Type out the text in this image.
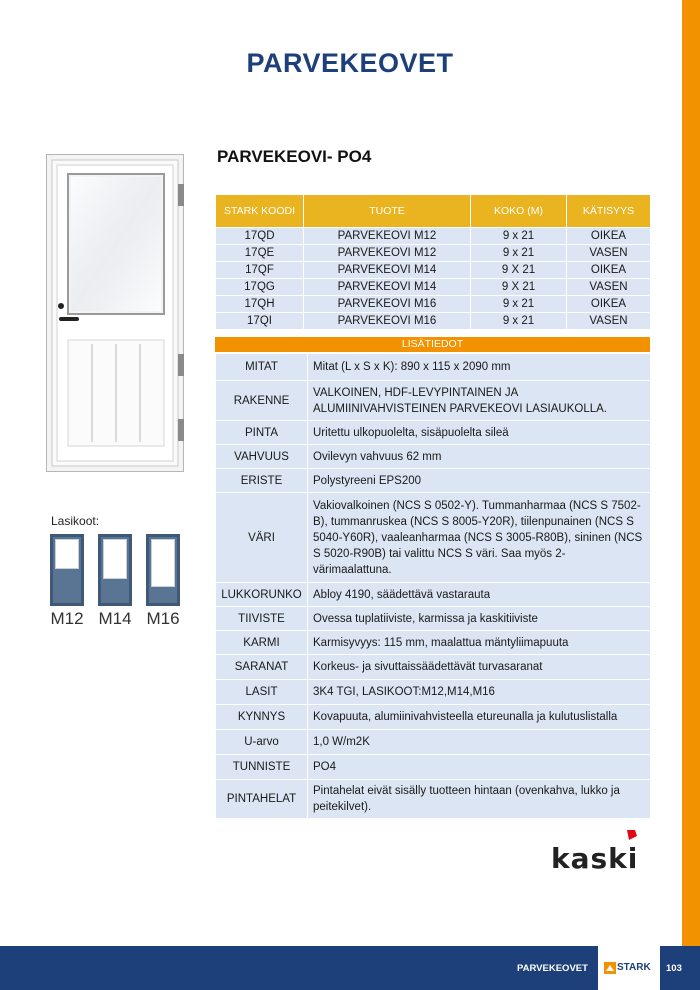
PARVEKEOVET
Lasikoot:
M12 M14 M16
PARVEKEOVI- PO4
STARK KOODI	TUOTE	KOKO (M)	KÄTISYYS
17QD	PARVEKEOVI M12	9 x 21	OIKEA
17QE	PARVEKEOVI M12	9 x 21	VASEN
17QF	PARVEKEOVI M14	9 X 21	OIKEA
17QG	PARVEKEOVI M14	9 X 21	VASEN
17QH	PARVEKEOVI M16	9 x 21	OIKEA
17QI	PARVEKEOVI M16	9 x 21	VASEN
LISÄTIEDOT
MITAT	Mitat (L x S x K): 890 x 115 x 2090 mm
RAKENNE	VALKOINEN, HDF-LEVYPINTAINEN JA ALUMIINIVAHVISTEINEN PARVEKEOVI LASIAUKOLLA.
PINTA	Uritettu ulkopuolelta, sisäpuolelta sileä
VAHVUUS	Ovilevyn vahvuus 62 mm
ERISTE	Polystyreeni EPS200
VÄRI	Vakiovalkoinen (NCS S 0502-Y). Tummanharmaa (NCS S 7502-B), tummanruskea (NCS S 8005-Y20R), tiilenpunainen (NCS S 5040-Y60R), vaaleanharmaa (NCS S 3005-R80B), sininen (NCS S 5020-R90B) tai valittu NCS S väri. Saa myös 2-värimaalattuna.
LUKKORUNKO	Abloy 4190, säädettävä vastarauta
TIIVISTE	Ovessa tuplatiiviste, karmissa ja kaskitiiviste
KARMI	Karmisyvyys: 115 mm, maalattua mäntyliimapuuta
SARANAT	Korkeus- ja sivuttaissäädettävät turvasaranat
LASIT	3K4 TGI, LASIKOOT:M12,M14,M16
KYNNYS	Kovapuuta, alumiinivahvisteella etureunalla ja kulutuslistalla
U-arvo	1,0 W/m2K
TUNNISTE	PO4
PINTAHELAT	Pintahelat eivät sisälly tuotteen hintaan (ovenkahva, lukko ja peitekilvet).
kaski
PARVEKEOVET	STARK 103
